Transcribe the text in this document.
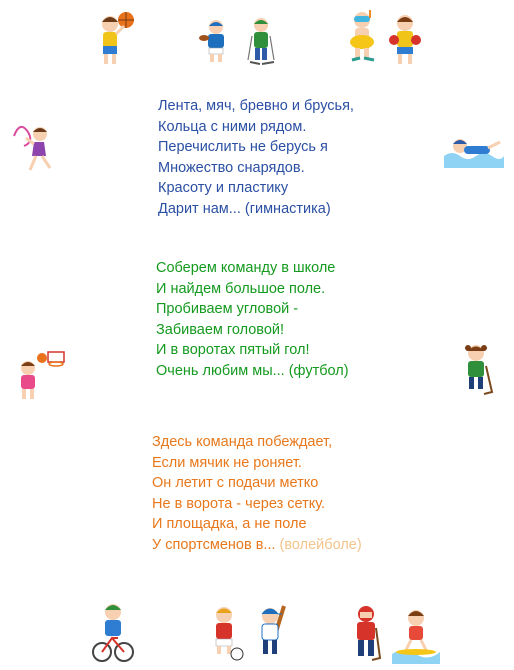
Лента, мяч, бревно и брусья,
Кольца с ними рядом.
Перечислить не берусь я
Множество снарядов.
Красоту и пластику
Дарит нам... (гимнастика)
Соберем команду в школе
И найдем большое поле.
Пробиваем угловой -
Забиваем головой!
И в воротах пятый гол!
Очень любим мы... (футбол)
Здесь команда побеждает,
Если мячик не роняет.
Он летит с подачи метко
Не в ворота - через сетку.
И площадка, а не поле
У спортсменов в... (волейболе)
